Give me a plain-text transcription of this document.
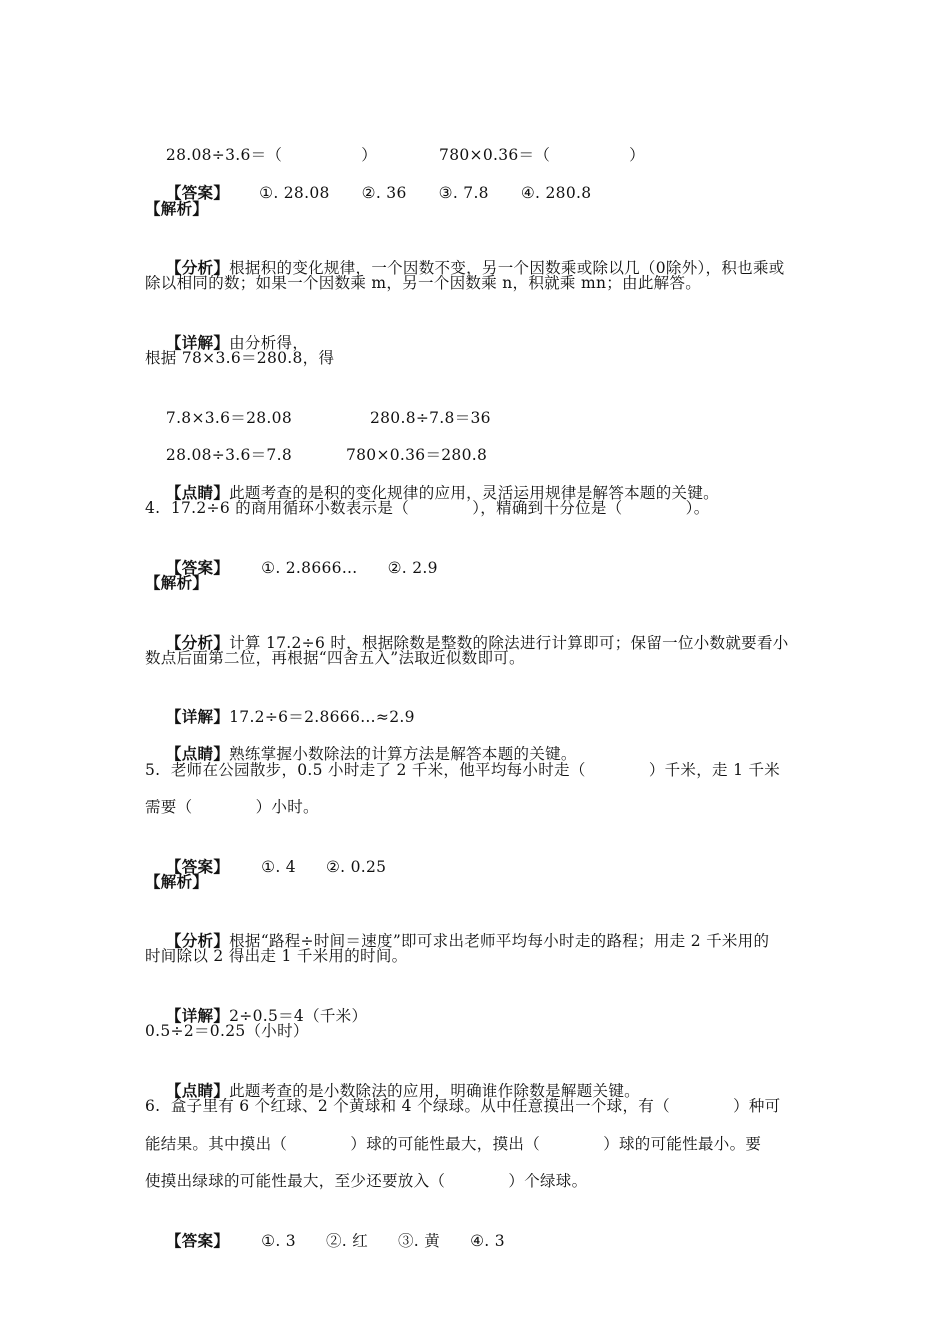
28.08÷3.6＝（　　　　　）	780×0.36＝（　　　　　）

【答案】 ①. 28.08 ②. 36 ③. 7.8 ④. 280.8

【解析】

【分析】根据积的变化规律，一个因数不变，另一个因数乘或除以几（0除外），积也乘或

除以相同的数；如果一个因数乘 m，另一个因数乘 n，积就乘 mn；由此解答。

【详解】由分析得，

根据 78×3.6＝280.8，得

7.8×3.6＝28.08	280.8÷7.8＝36

28.08÷3.6＝7.8	780×0.36＝280.8

【点睛】此题考查的是积的变化规律的应用，灵活运用规律是解答本题的关键。

4.  17.2÷6 的商用循环小数表示是（　　　　），精确到十分位是（　　　　）。

【答案】 ①. 2.8666… ②. 2.9

【解析】

【分析】计算 17.2÷6 时，根据除数是整数的除法进行计算即可；保留一位小数就要看小

数点后面第二位，再根据“四舍五入”法取近似数即可。

【详解】17.2÷6＝2.8666…≈2.9

【点睛】熟练掌握小数除法的计算方法是解答本题的关键。

5.  老师在公园散步，0.5 小时走了 2 千米，他平均每小时走（　　　　）千米，走 1 千米
需要（　　　　）小时。

【答案】 ①. 4 ②. 0.25

【解析】

【分析】根据“路程÷时间＝速度”即可求出老师平均每小时走的路程；用走 2 千米用的

时间除以 2 得出走 1 千米用的时间。

【详解】2÷0.5＝4（千米）

0.5÷2＝0.25（小时）

【点睛】此题考查的是小数除法的应用，明确谁作除数是解题关键。

6.  盒子里有 6 个红球、2 个黄球和 4 个绿球。从中任意摸出一个球，有（　　　　）种可
能结果。其中摸出（　　　　）球的可能性最大，摸出（　　　　）球的可能性最小。要
使摸出绿球的可能性最大，至少还要放入（　　　　）个绿球。

【答案】 ①. 3 ②. 红 ③. 黄 ④. 3
